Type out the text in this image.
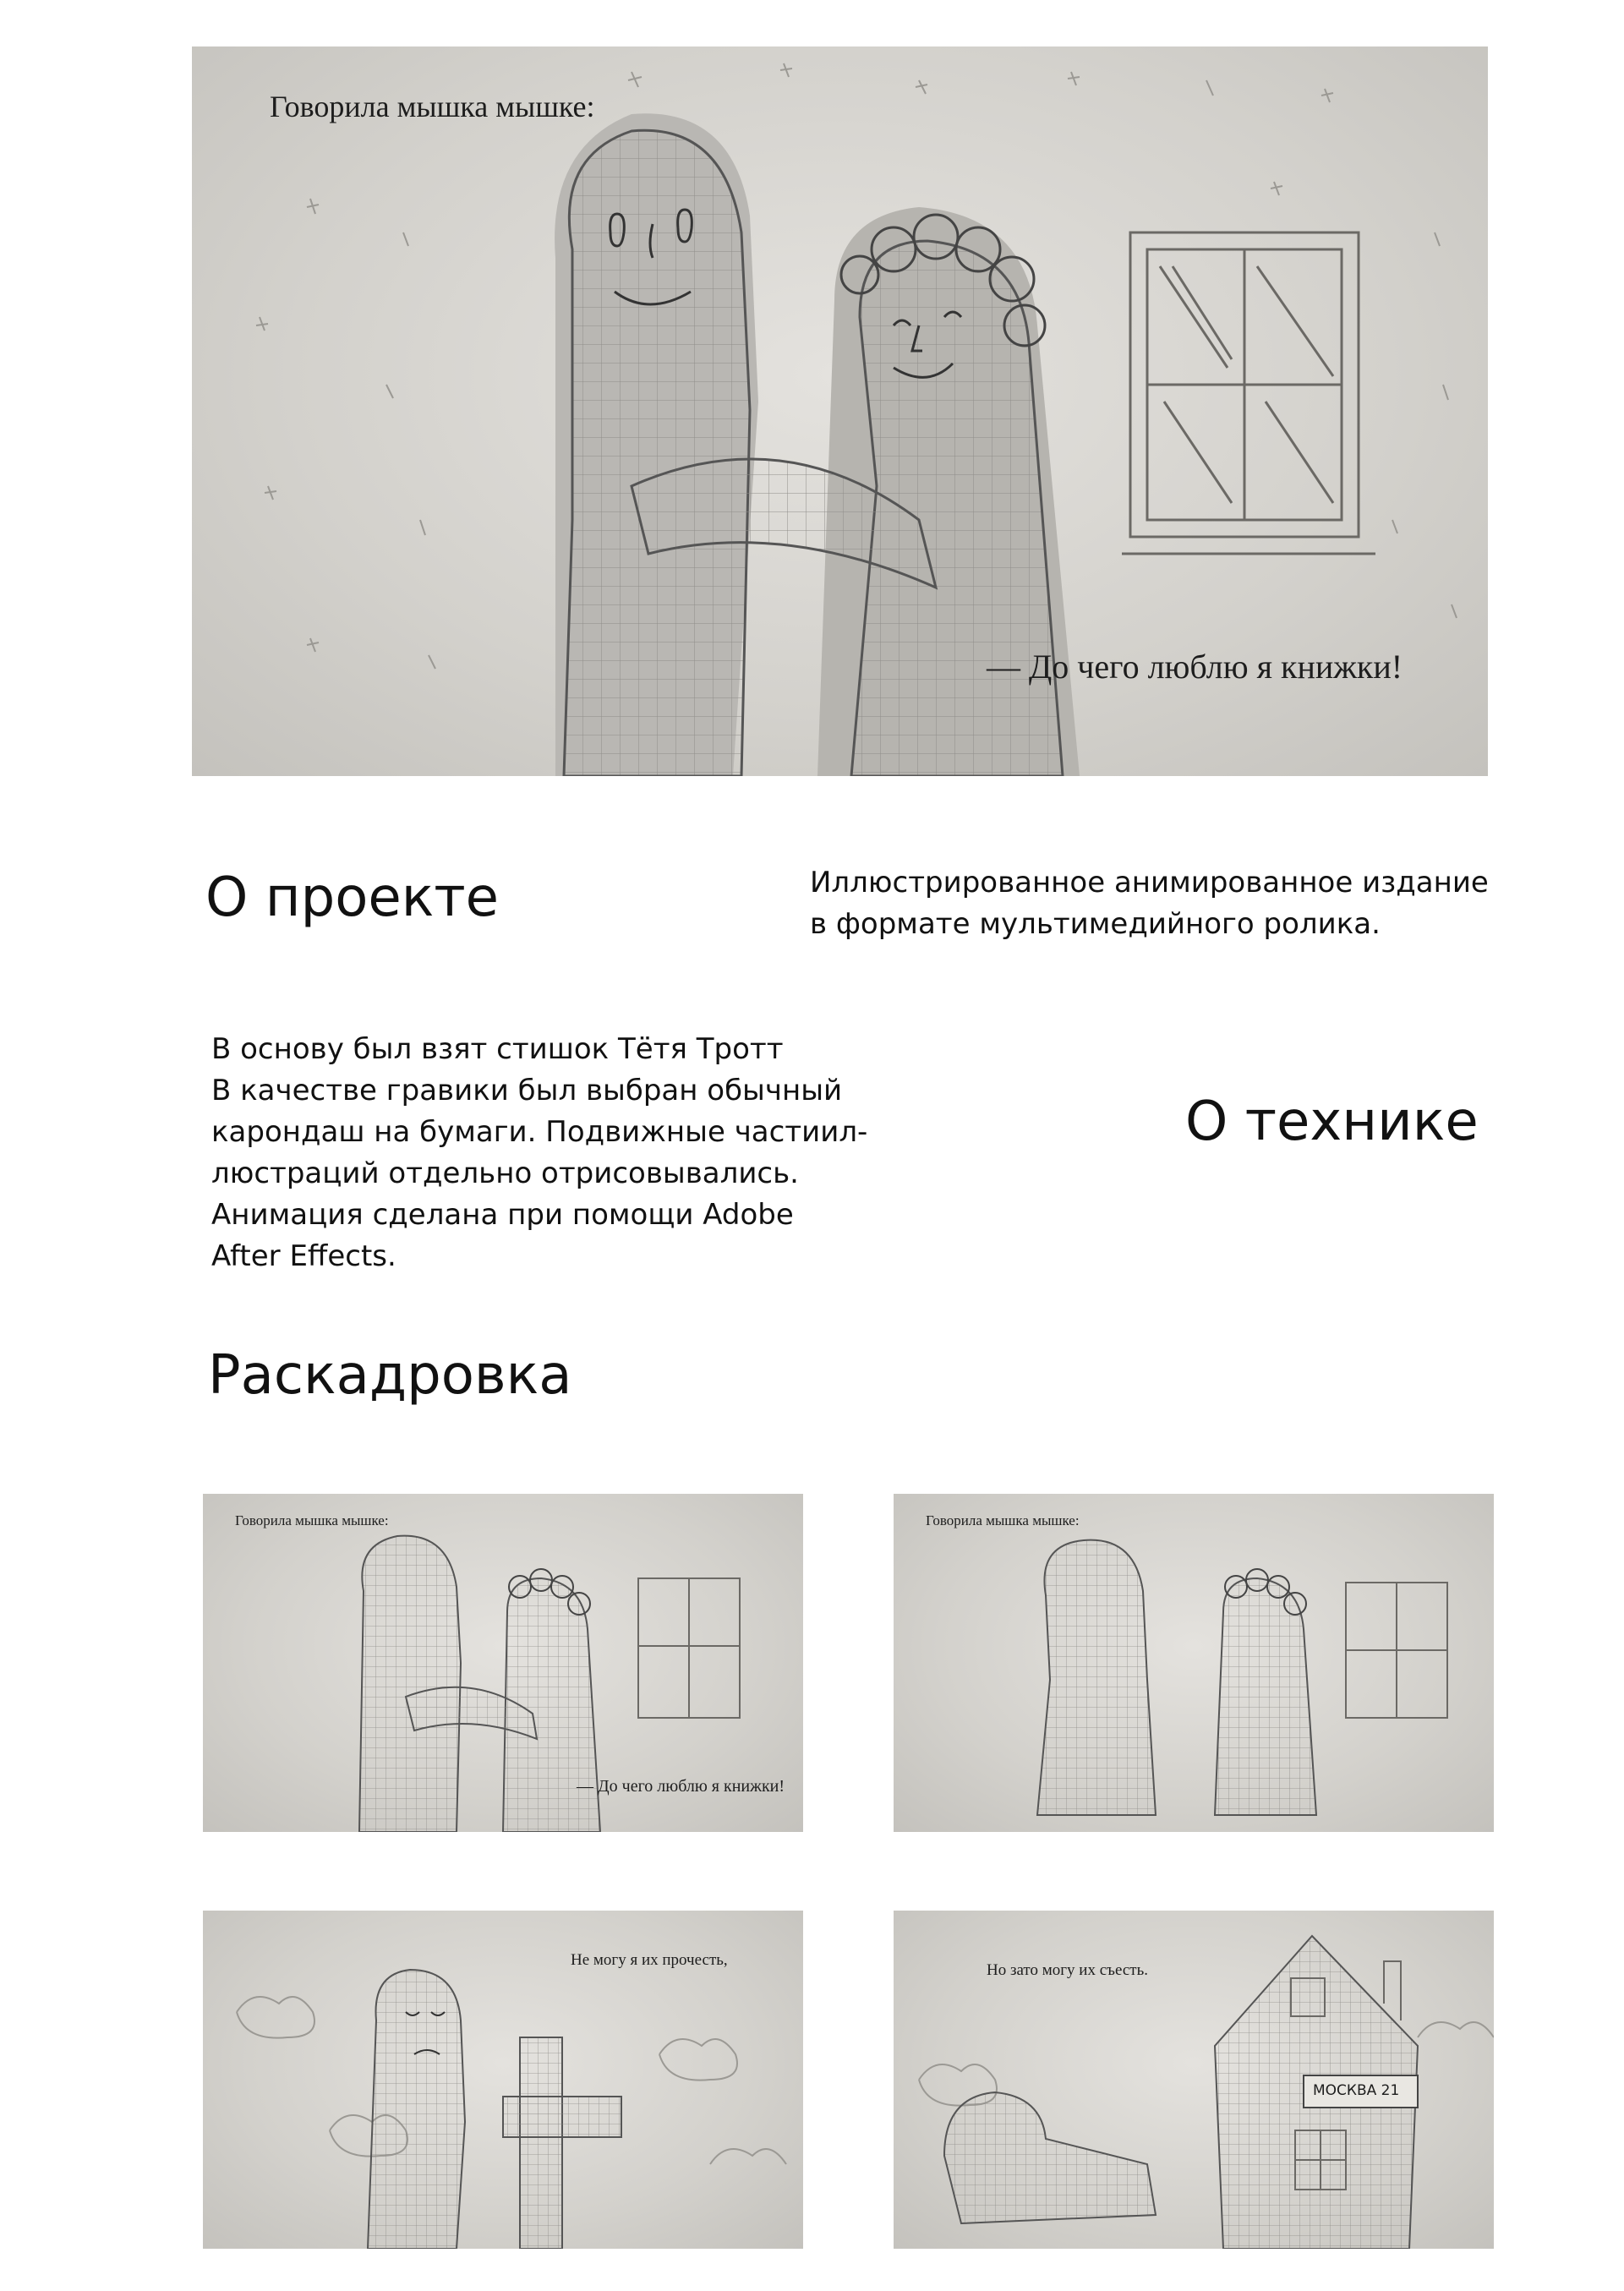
Говорила мышка мышке:
— До чего люблю я книжки!
О проекте	Иллюстрированное анимированное издание
в формате мультимедийного ролика.
В основу был взят стишок Тётя Тротт
В качестве гравики был выбран обычный
карондаш на бумаги. Подвижные частиил-
люстраций отдельно отрисовывались.
Анимация сделана при помощи Adobe
After Effects.
О технике
Раскадровка
Говорила мышка мышке:
— До чего люблю я книжки!
Говорила мышка мышке:
Не могу я их прочесть,
Но зато могу их съесть.
МОСКВА 21
